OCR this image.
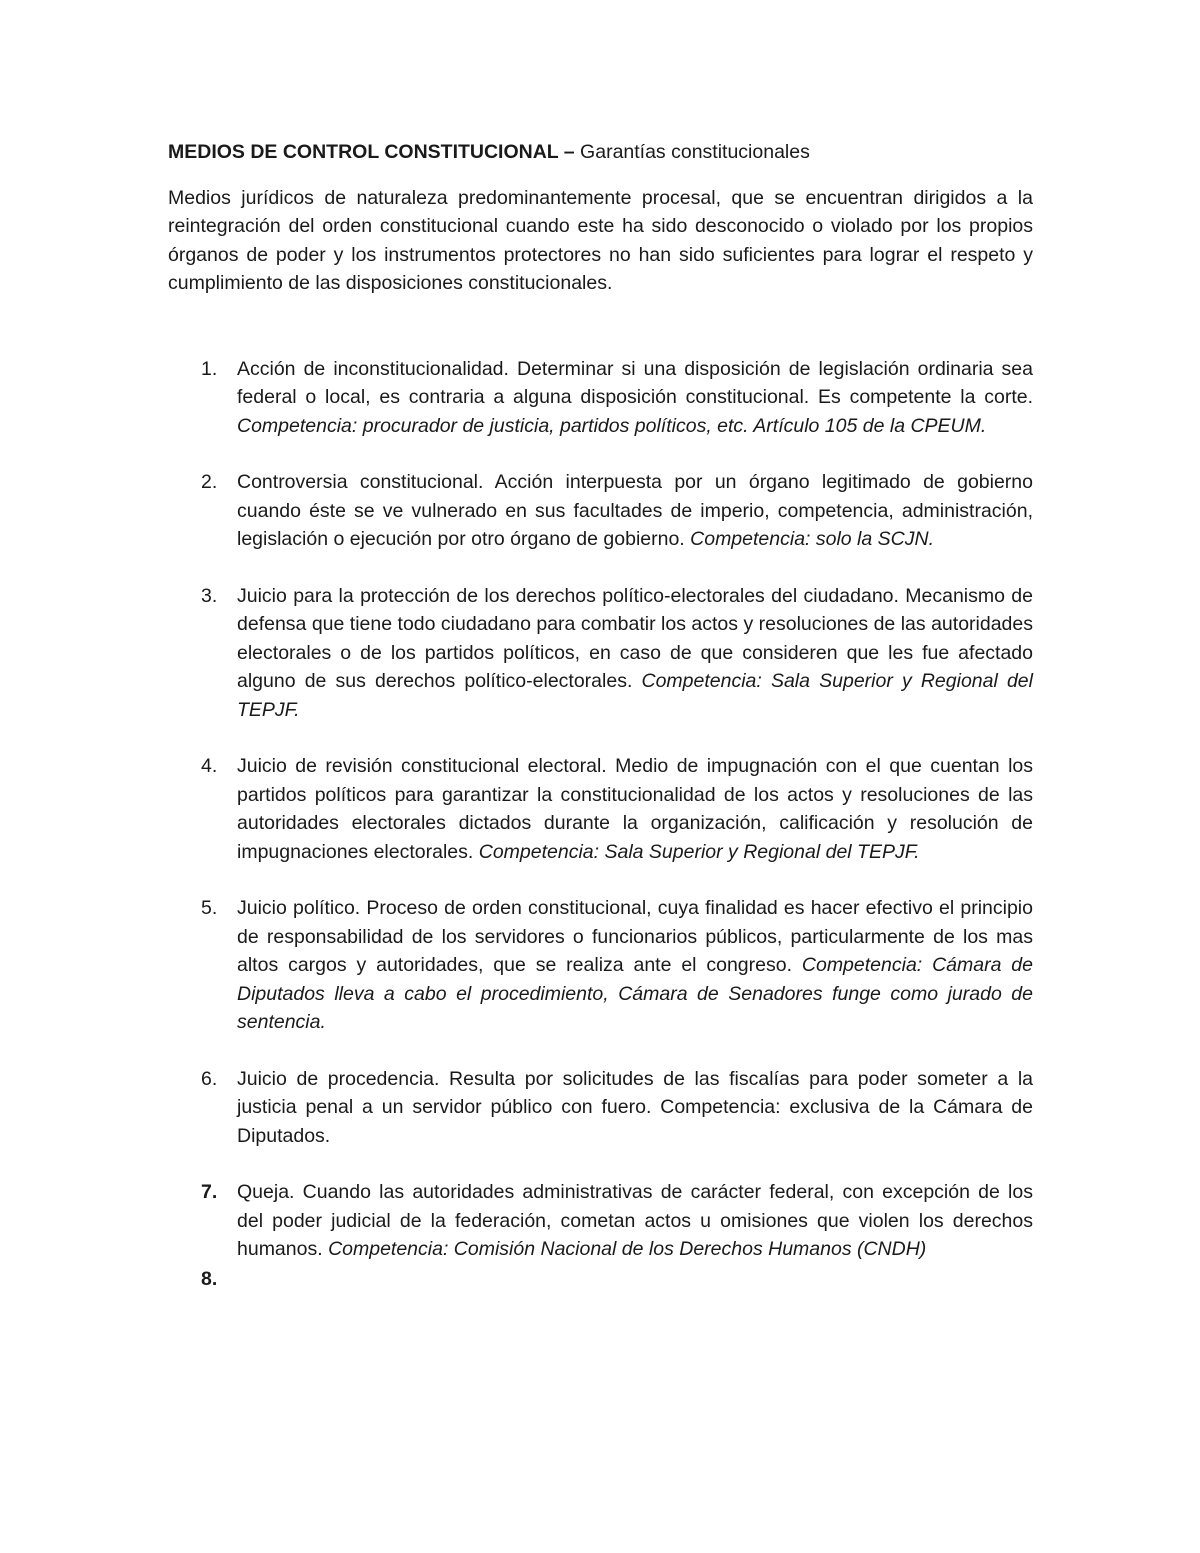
MEDIOS DE CONTROL CONSTITUCIONAL – Garantías constitucionales

Medios jurídicos de naturaleza predominantemente procesal, que se encuentran dirigidos a la reintegración del orden constitucional cuando este ha sido desconocido o violado por los propios órganos de poder y los instrumentos protectores no han sido suficientes para lograr el respeto y cumplimiento de las disposiciones constitucionales.

1. Acción de inconstitucionalidad. Determinar si una disposición de legislación ordinaria sea federal o local, es contraria a alguna disposición constitucional. Es competente la corte. Competencia: procurador de justicia, partidos políticos, etc. Artículo 105 de la CPEUM.
2. Controversia constitucional. Acción interpuesta por un órgano legitimado de gobierno cuando éste se ve vulnerado en sus facultades de imperio, competencia, administración, legislación o ejecución por otro órgano de gobierno. Competencia: solo la SCJN.
3. Juicio para la protección de los derechos político-electorales del ciudadano. Mecanismo de defensa que tiene todo ciudadano para combatir los actos y resoluciones de las autoridades electorales o de los partidos políticos, en caso de que consideren que les fue afectado alguno de sus derechos político-electorales. Competencia: Sala Superior y Regional del TEPJF.
4. Juicio de revisión constitucional electoral. Medio de impugnación con el que cuentan los partidos políticos para garantizar la constitucionalidad de los actos y resoluciones de las autoridades electorales dictados durante la organización, calificación y resolución de impugnaciones electorales. Competencia: Sala Superior y Regional del TEPJF.
5. Juicio político. Proceso de orden constitucional, cuya finalidad es hacer efectivo el principio de responsabilidad de los servidores o funcionarios públicos, particularmente de los mas altos cargos y autoridades, que se realiza ante el congreso. Competencia: Cámara de Diputados lleva a cabo el procedimiento, Cámara de Senadores funge como jurado de sentencia.
6. Juicio de procedencia. Resulta por solicitudes de las fiscalías para poder someter a la justicia penal a un servidor público con fuero. Competencia: exclusiva de la Cámara de Diputados.
7. Queja. Cuando las autoridades administrativas de carácter federal, con excepción de los del poder judicial de la federación, cometan actos u omisiones que violen los derechos humanos. Competencia: Comisión Nacional de los Derechos Humanos (CNDH)
8.
